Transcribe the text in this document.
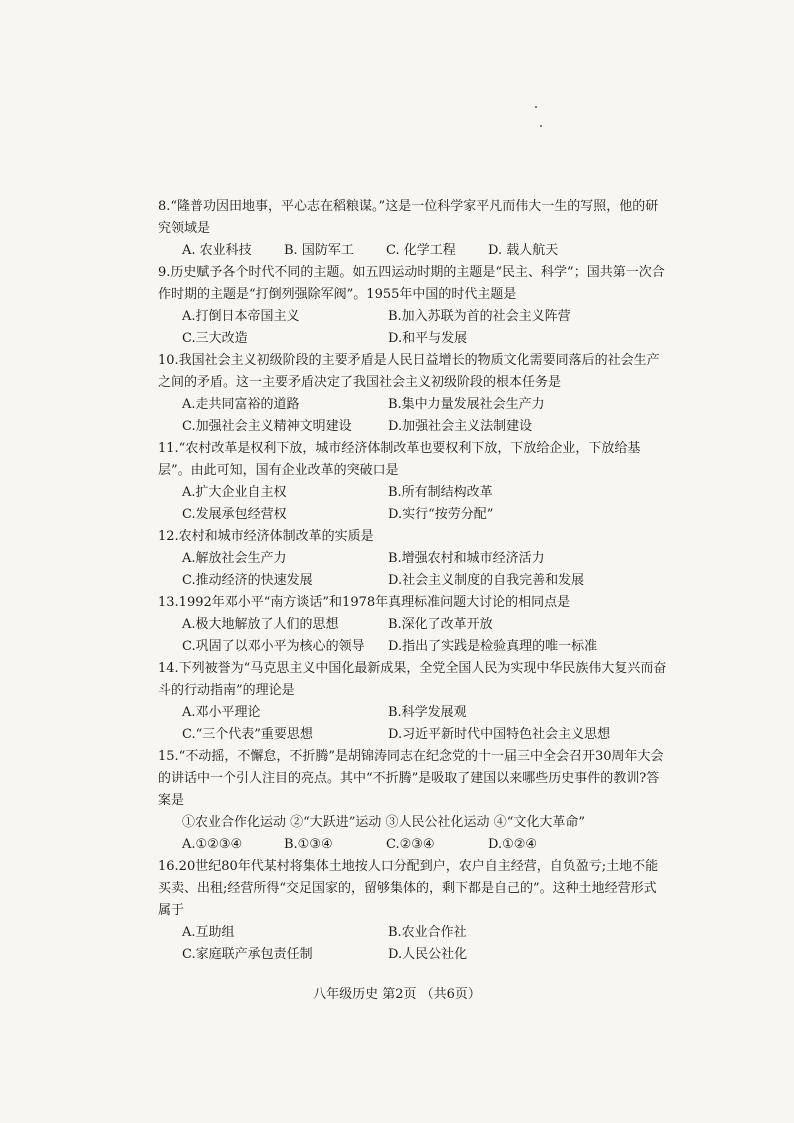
8.“隆普功因田地事，平心志在稻粮谋。”这是一位科学家平凡而伟大一生的写照，他的研究领域是

A. 农业科技	B. 国防军工	C. 化学工程	D. 载人航天

9.历史赋予各个时代不同的主题。如五四运动时期的主题是“民主、科学”；国共第一次合作时期的主题是“打倒列强除军阀”。1955年中国的时代主题是

A.打倒日本帝国主义	B.加入苏联为首的社会主义阵营
C.三大改造	D.和平与发展

10.我国社会主义初级阶段的主要矛盾是人民日益增长的物质文化需要同落后的社会生产之间的矛盾。这一主要矛盾决定了我国社会主义初级阶段的根本任务是

A.走共同富裕的道路	B.集中力量发展社会生产力
C.加强社会主义精神文明建设	D.加强社会主义法制建设

11.“农村改革是权利下放，城市经济体制改革也要权利下放，下放给企业，下放给基层”。由此可知，国有企业改革的突破口是

A.扩大企业自主权	B.所有制结构改革
C.发展承包经营权	D.实行“按劳分配”

12.农村和城市经济体制改革的实质是

A.解放社会生产力	B.增强农村和城市经济活力
C.推动经济的快速发展	D.社会主义制度的自我完善和发展

13.1992年邓小平“南方谈话”和1978年真理标准问题大讨论的相同点是

A.极大地解放了人们的思想	B.深化了改革开放
C.巩固了以邓小平为核心的领导	D.指出了实践是检验真理的唯一标准

14.下列被誉为“马克思主义中国化最新成果，全党全国人民为实现中华民族伟大复兴而奋斗的行动指南”的理论是

A.邓小平理论	B.科学发展观
C.“三个代表”重要思想	D.习近平新时代中国特色社会主义思想

15.“不动摇，不懈怠，不折腾”是胡锦涛同志在纪念党的十一届三中全会召开30周年大会的讲话中一个引人注目的亮点。其中“不折腾”是吸取了建国以来哪些历史事件的教训?答案是

①农业合作化运动 ②“大跃进”运动 ③人民公社化运动 ④“文化大革命”
A.①②③④	B.①③④	C.②③④	D.①②④

16.20世纪80年代某村将集体土地按人口分配到户，农户自主经营，自负盈亏;土地不能买卖、出租;经营所得“交足国家的，留够集体的，剩下都是自己的”。这种土地经营形式属于

A.互助组	B.农业合作社
C.家庭联产承包责任制	D.人民公社化
八年级历史 第2页 （共6页）
